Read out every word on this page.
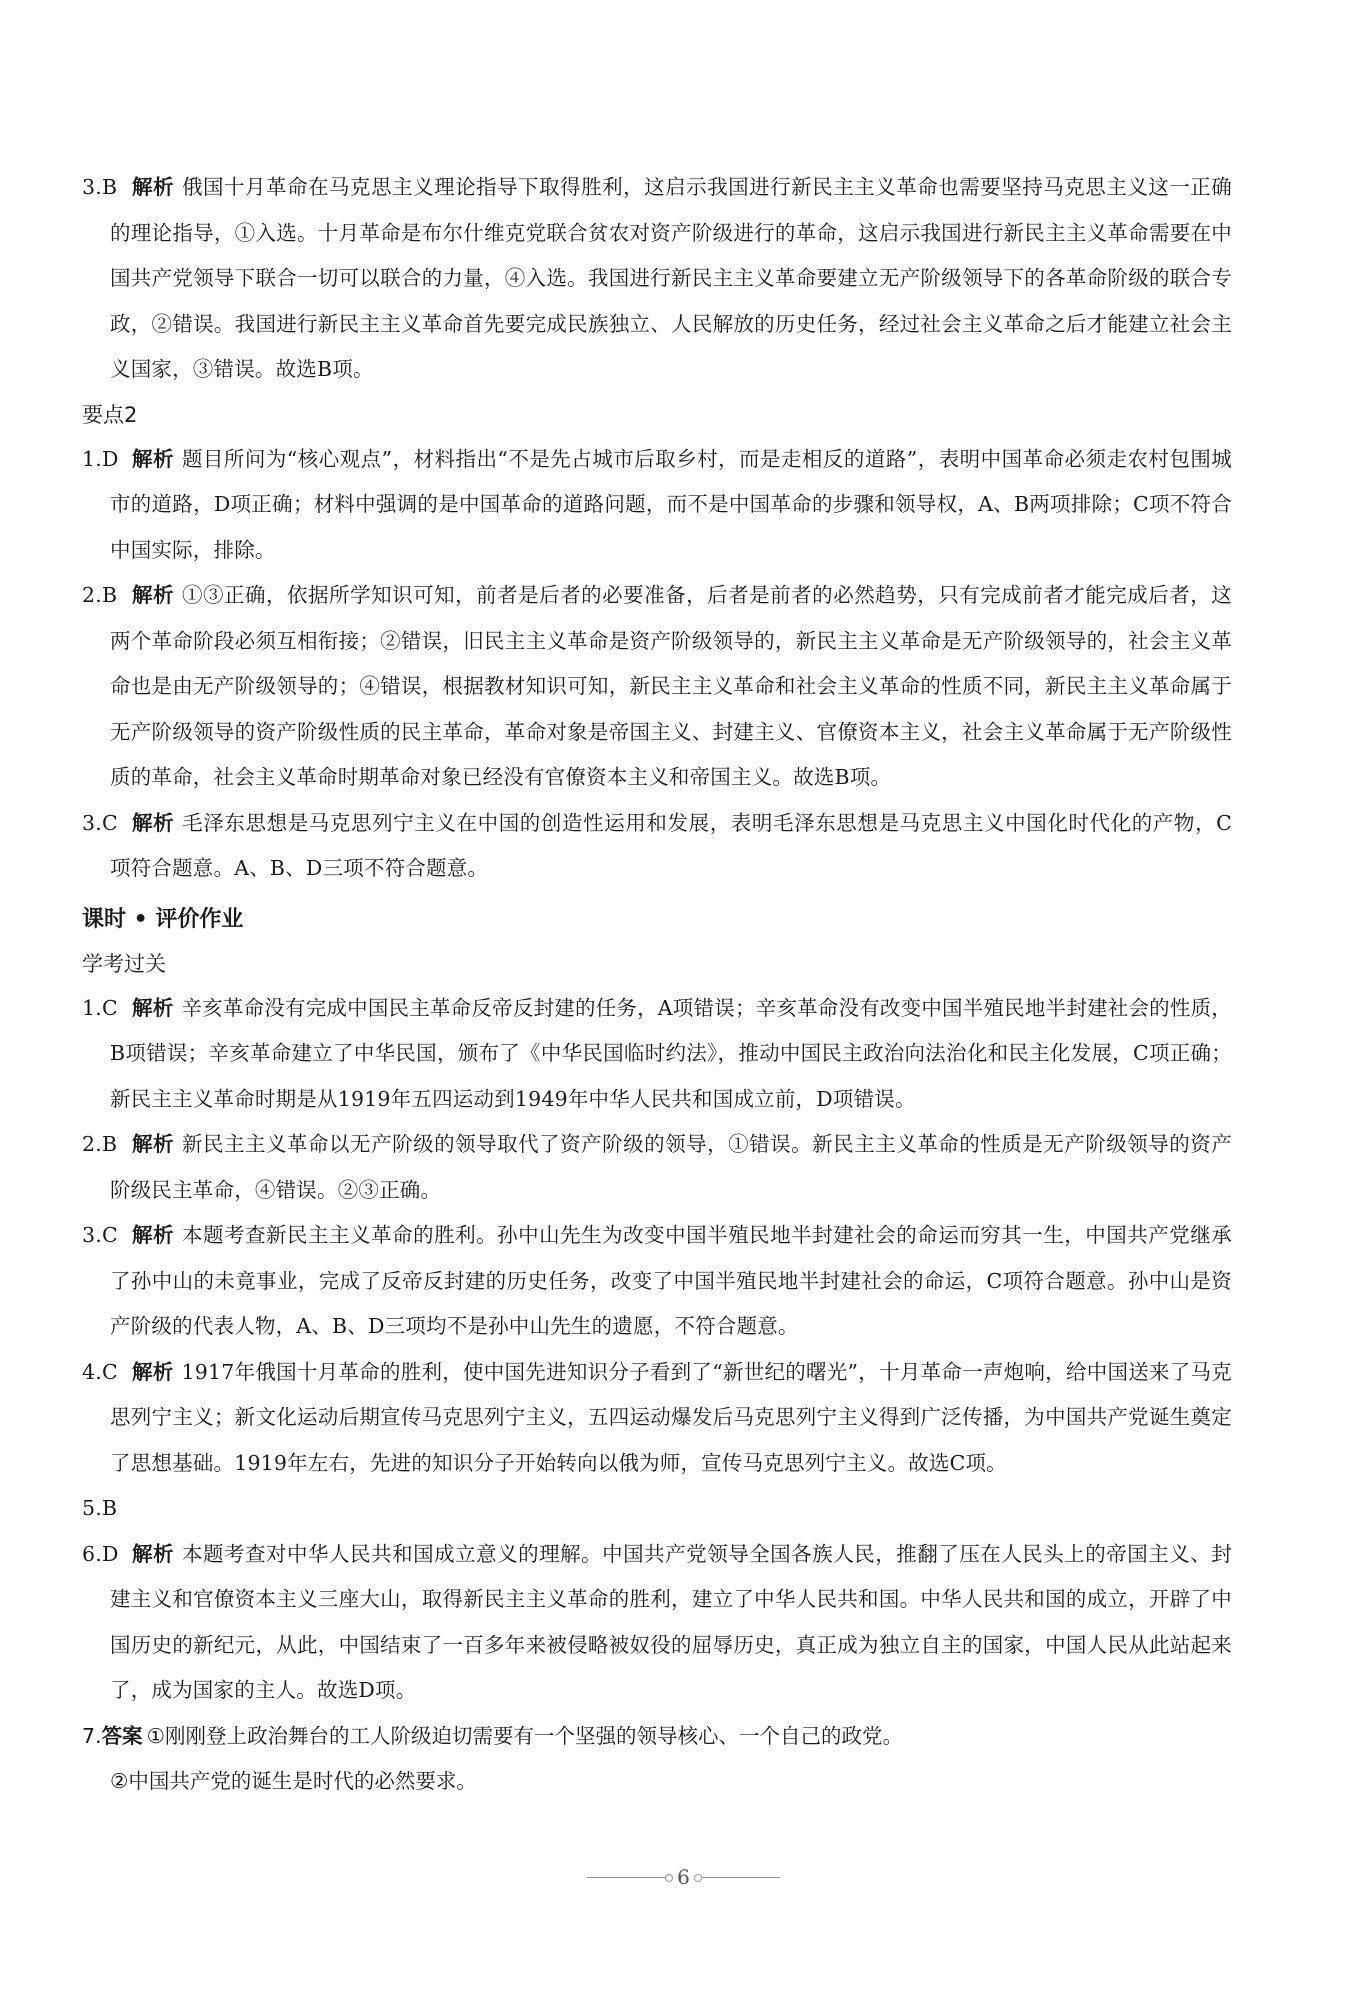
3.B 解析 俄国十月革命在马克思主义理论指导下取得胜利，这启示我国进行新民主主义革命也需要坚持马克思主义这一正确的理论指导，①入选。十月革命是布尔什维克党联合贫农对资产阶级进行的革命，这启示我国进行新民主主义革命需要在中国共产党领导下联合一切可以联合的力量，④入选。我国进行新民主主义革命要建立无产阶级领导下的各革命阶级的联合专政，②错误。我国进行新民主主义革命首先要完成民族独立、人民解放的历史任务，经过社会主义革命之后才能建立社会主义国家，③错误。故选B项。
要点2
1.D 解析 题目所问为“核心观点”，材料指出“不是先占城市后取乡村，而是走相反的道路”，表明中国革命必须走农村包围城市的道路，D项正确；材料中强调的是中国革命的道路问题，而不是中国革命的步骤和领导权，A、B两项排除；C项不符合中国实际，排除。
2.B 解析 ①③正确，依据所学知识可知，前者是后者的必要准备，后者是前者的必然趋势，只有完成前者才能完成后者，这两个革命阶段必须互相衔接；②错误，旧民主主义革命是资产阶级领导的，新民主主义革命是无产阶级领导的，社会主义革命也是由无产阶级领导的；④错误，根据教材知识可知，新民主主义革命和社会主义革命的性质不同，新民主主义革命属于无产阶级领导的资产阶级性质的民主革命，革命对象是帝国主义、封建主义、官僚资本主义，社会主义革命属于无产阶级性质的革命，社会主义革命时期革命对象已经没有官僚资本主义和帝国主义。故选B项。
3.C 解析 毛泽东思想是马克思列宁主义在中国的创造性运用和发展，表明毛泽东思想是马克思主义中国化时代化的产物，C项符合题意。A、B、D三项不符合题意。
课时 • 评价作业
学考过关
1.C 解析 辛亥革命没有完成中国民主革命反帝反封建的任务，A项错误；辛亥革命没有改变中国半殖民地半封建社会的性质，B项错误；辛亥革命建立了中华民国，颁布了《中华民国临时约法》，推动中国民主政治向法治化和民主化发展，C项正确；新民主主义革命时期是从1919年五四运动到1949年中华人民共和国成立前，D项错误。
2.B 解析 新民主主义革命以无产阶级的领导取代了资产阶级的领导，①错误。新民主主义革命的性质是无产阶级领导的资产阶级民主革命，④错误。②③正确。
3.C 解析 本题考查新民主主义革命的胜利。孙中山先生为改变中国半殖民地半封建社会的命运而穷其一生，中国共产党继承了孙中山的未竟事业，完成了反帝反封建的历史任务，改变了中国半殖民地半封建社会的命运，C项符合题意。孙中山是资产阶级的代表人物，A、B、D三项均不是孙中山先生的遗愿，不符合题意。
4.C 解析 1917年俄国十月革命的胜利，使中国先进知识分子看到了“新世纪的曙光”，十月革命一声炮响，给中国送来了马克思列宁主义；新文化运动后期宣传马克思列宁主义，五四运动爆发后马克思列宁主义得到广泛传播，为中国共产党诞生奠定了思想基础。1919年左右，先进的知识分子开始转向以俄为师，宣传马克思列宁主义。故选C项。
5.B

6.D 解析 本题考查对中华人民共和国成立意义的理解。中国共产党领导全国各族人民，推翻了压在人民头上的帝国主义、封建主义和官僚资本主义三座大山，取得新民主主义革命的胜利，建立了中华人民共和国。中华人民共和国的成立，开辟了中国历史的新纪元，从此，中国结束了一百多年来被侵略被奴役的屈辱历史，真正成为独立自主的国家，中国人民从此站起来了，成为国家的主人。故选D项。
7.答案 ①刚刚登上政治舞台的工人阶级迫切需要有一个坚强的领导核心、一个自己的政党。
②中国共产党的诞生是时代的必然要求。
6
